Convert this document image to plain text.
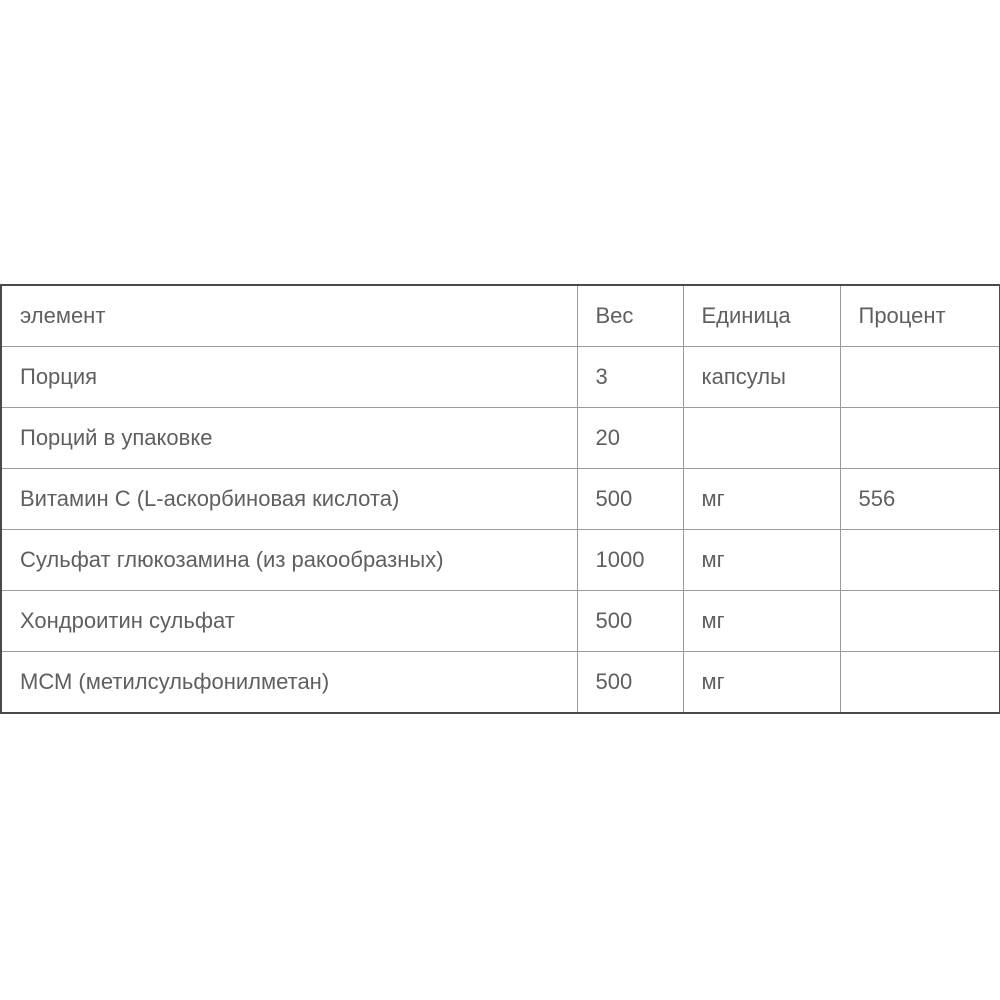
элемент	Вес	Единица	Процент
Порция	3	капсулы	
Порций в упаковке	20		
Витамин С (L-аскорбиновая кислота)	500	мг	556
Сульфат глюкозамина (из ракообразных)	1000	мг	
Хондроитин сульфат	500	мг	
МСМ (метилсульфонилметан)	500	мг	
